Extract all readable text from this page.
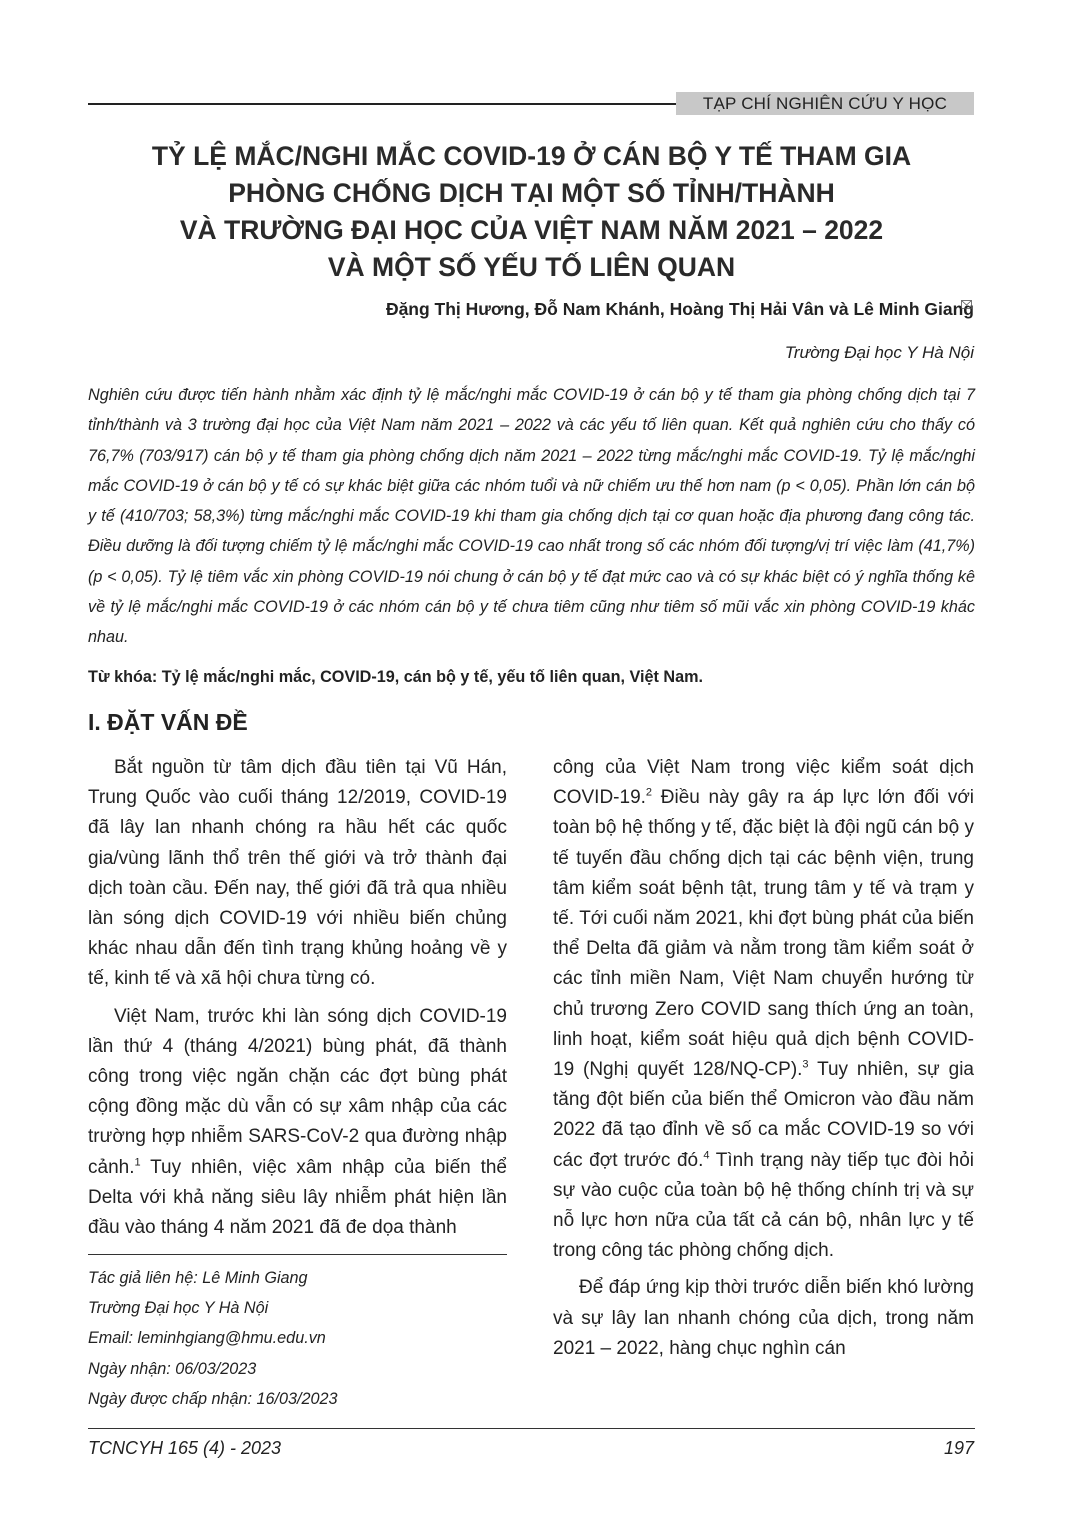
TẠP CHÍ NGHIÊN CỨU Y HỌC
TỶ LỆ MẮC/NGHI MẮC COVID-19 Ở CÁN BỘ Y TẾ THAM GIA
PHÒNG CHỐNG DỊCH TẠI MỘT SỐ TỈNH/THÀNH
VÀ TRƯỜNG ĐẠI HỌC CỦA VIỆT NAM NĂM 2021 – 2022
VÀ MỘT SỐ YẾU TỐ LIÊN QUAN
Đặng Thị Hương, Đỗ Nam Khánh, Hoàng Thị Hải Vân và Lê Minh Giang
Trường Đại học Y Hà Nội

Nghiên cứu được tiến hành nhằm xác định tỷ lệ mắc/nghi mắc COVID-19 ở cán bộ y tế tham gia phòng chống dịch tại 7 tỉnh/thành và 3 trường đại học của Việt Nam năm 2021 – 2022 và các yếu tố liên quan. Kết quả nghiên cứu cho thấy có 76,7% (703/917) cán bộ y tế tham gia phòng chống dịch năm 2021 – 2022 từng mắc/nghi mắc COVID-19. Tỷ lệ mắc/nghi mắc COVID-19 ở cán bộ y tế có sự khác biệt giữa các nhóm tuổi và nữ chiếm ưu thế hơn nam (p < 0,05). Phần lớn cán bộ y tế (410/703; 58,3%) từng mắc/nghi mắc COVID-19 khi tham gia chống dịch tại cơ quan hoặc địa phương đang công tác. Điều dưỡng là đối tượng chiếm tỷ lệ mắc/nghi mắc COVID-19 cao nhất trong số các nhóm đối tượng/vị trí việc làm (41,7%) (p < 0,05). Tỷ lệ tiêm vắc xin phòng COVID-19 nói chung ở cán bộ y tế đạt mức cao và có sự khác biệt có ý nghĩa thống kê về tỷ lệ mắc/nghi mắc COVID-19 ở các nhóm cán bộ y tế chưa tiêm cũng như tiêm số mũi vắc xin phòng COVID-19 khác nhau.

Từ khóa: Tỷ lệ mắc/nghi mắc, COVID-19, cán bộ y tế, yếu tố liên quan, Việt Nam.
I. ĐẶT VẤN ĐỀ

Bắt nguồn từ tâm dịch đầu tiên tại Vũ Hán, Trung Quốc vào cuối tháng 12/2019, COVID-19 đã lây lan nhanh chóng ra hầu hết các quốc gia/vùng lãnh thổ trên thế giới và trở thành đại dịch toàn cầu. Đến nay, thế giới đã trả qua nhiều làn sóng dịch COVID-19 với nhiều biến chủng khác nhau dẫn đến tình trạng khủng hoảng về y tế, kinh tế và xã hội chưa từng có.

Việt Nam, trước khi làn sóng dịch COVID-19 lần thứ 4 (tháng 4/2021) bùng phát, đã thành công trong việc ngăn chặn các đợt bùng phát cộng đồng mặc dù vẫn có sự xâm nhập của các trường hợp nhiễm SARS-CoV-2 qua đường nhập cảnh.$^1$ Tuy nhiên, việc xâm nhập của biến thể Delta với khả năng siêu lây nhiễm phát hiện lần đầu vào tháng 4 năm 2021 đã đe dọa thành

công của Việt Nam trong việc kiểm soát dịch COVID-19.$^2$ Điều này gây ra áp lực lớn đối với toàn bộ hệ thống y tế, đặc biệt là đội ngũ cán bộ y tế tuyến đầu chống dịch tại các bệnh viện, trung tâm kiểm soát bệnh tật, trung tâm y tế và trạm y tế. Tới cuối năm 2021, khi đợt bùng phát của biến thể Delta đã giảm và nằm trong tầm kiểm soát ở các tỉnh miền Nam, Việt Nam chuyển hướng từ chủ trương Zero COVID sang thích ứng an toàn, linh hoạt, kiểm soát hiệu quả dịch bệnh COVID-19 (Nghị quyết 128/NQ-CP).$^3$ Tuy nhiên, sự gia tăng đột biến của biến thể Omicron vào đầu năm 2022 đã tạo đỉnh về số ca mắc COVID-19 so với các đợt trước đó.$^4$ Tình trạng này tiếp tục đòi hỏi sự vào cuộc của toàn bộ hệ thống chính trị và sự nỗ lực hơn nữa của tất cả cán bộ, nhân lực y tế trong công tác phòng chống dịch.

Để đáp ứng kịp thời trước diễn biến khó lường và sự lây lan nhanh chóng của dịch, trong năm 2021 – 2022, hàng chục nghìn cán

Tác giả liên hệ: Lê Minh Giang
Trường Đại học Y Hà Nội
Email: leminhgiang@hmu.edu.vn
Ngày nhận: 06/03/2023
Ngày được chấp nhận: 16/03/2023
TCNCYH 165 (4) - 2023	197
